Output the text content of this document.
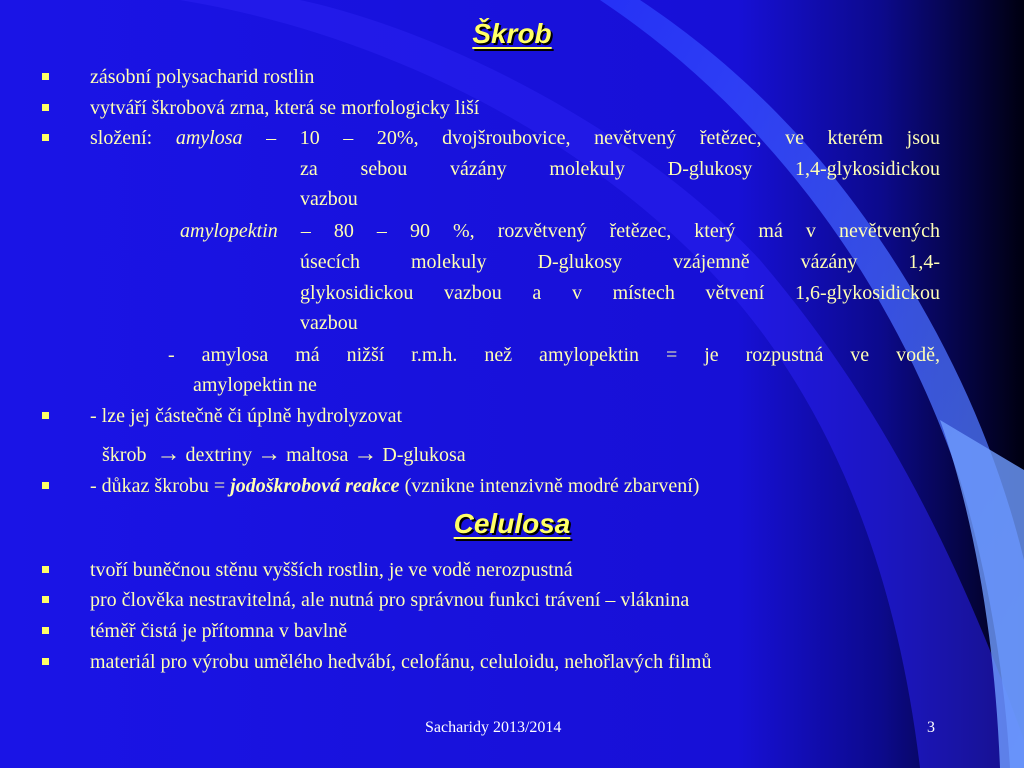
Škrob
zásobní polysacharid rostlin
vytváří škrobová zrna, která se morfologicky liší
složení: amylosa – 10 – 20%, dvojšroubovice, nevětvený řetězec, ve kterém jsou
za sebou vázány molekuly D-glukosy 1,4-glykosidickou
vazbou
amylopektin – 80 – 90 %, rozvětvený řetězec, který má v nevětvených
úsecích molekuly D-glukosy vzájemně vázány 1,4-
glykosidickou vazbou a v místech větvení 1,6-glykosidickou
vazbou
- amylosa má nižší r.m.h. než amylopektin = je rozpustná ve vodě,
amylopektin ne
- lze jej částečně či úplně hydrolyzovat
škrob → dextriny → maltosa → D-glukosa
- důkaz škrobu = jodoškrobová reakce (vznikne intenzivně modré zbarvení)
Celulosa
tvoří buněčnou stěnu vyšších rostlin, je ve vodě nerozpustná
pro člověka nestravitelná, ale nutná pro správnou funkci trávení – vláknina
téměř čistá je přítomna v bavlně
materiál pro výrobu umělého hedvábí, celofánu, celuloidu, nehořlavých filmů
Sacharidy 2013/2014	3
